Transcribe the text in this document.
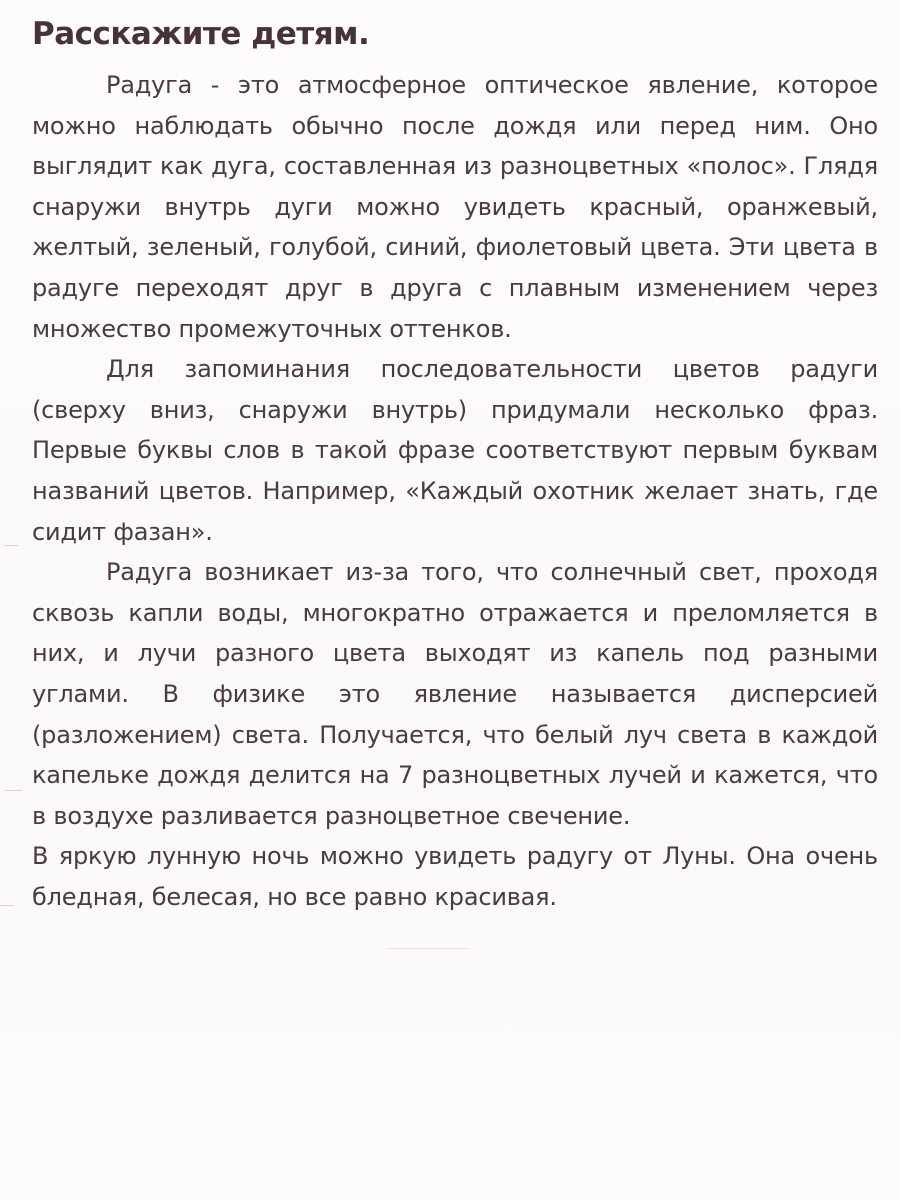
Расскажите детям.

Радуга - это атмосферное оптическое явление, которое можно наблюдать обычно после дождя или перед ним. Оно выглядит как дуга, составленная из разноцветных «полос». Глядя снаружи внутрь дуги можно увидеть красный, оранжевый, желтый, зеленый, голубой, синий, фиолетовый цвета. Эти цвета в радуге переходят друг в друга с плавным изменением через множество промежуточных оттенков.

Для запоминания последовательности цветов радуги (сверху вниз, снаружи внутрь) придумали несколько фраз. Первые буквы слов в такой фразе соответствуют первым буквам названий цветов. Например, «Каждый охотник желает знать, где сидит фазан».

Радуга возникает из-за того, что солнечный свет, проходя сквозь капли воды, многократно отражается и преломляется в них, и лучи разного цвета выходят из капель под разными углами. В физике это явление называется дисперсией (разложением) света. Получается, что белый луч света в каждой капельке дождя делится на 7 разноцветных лучей и кажется, что в воздухе разливается разноцветное свечение.

В яркую лунную ночь можно увидеть радугу от Луны. Она очень бледная, белесая, но все равно красивая.
